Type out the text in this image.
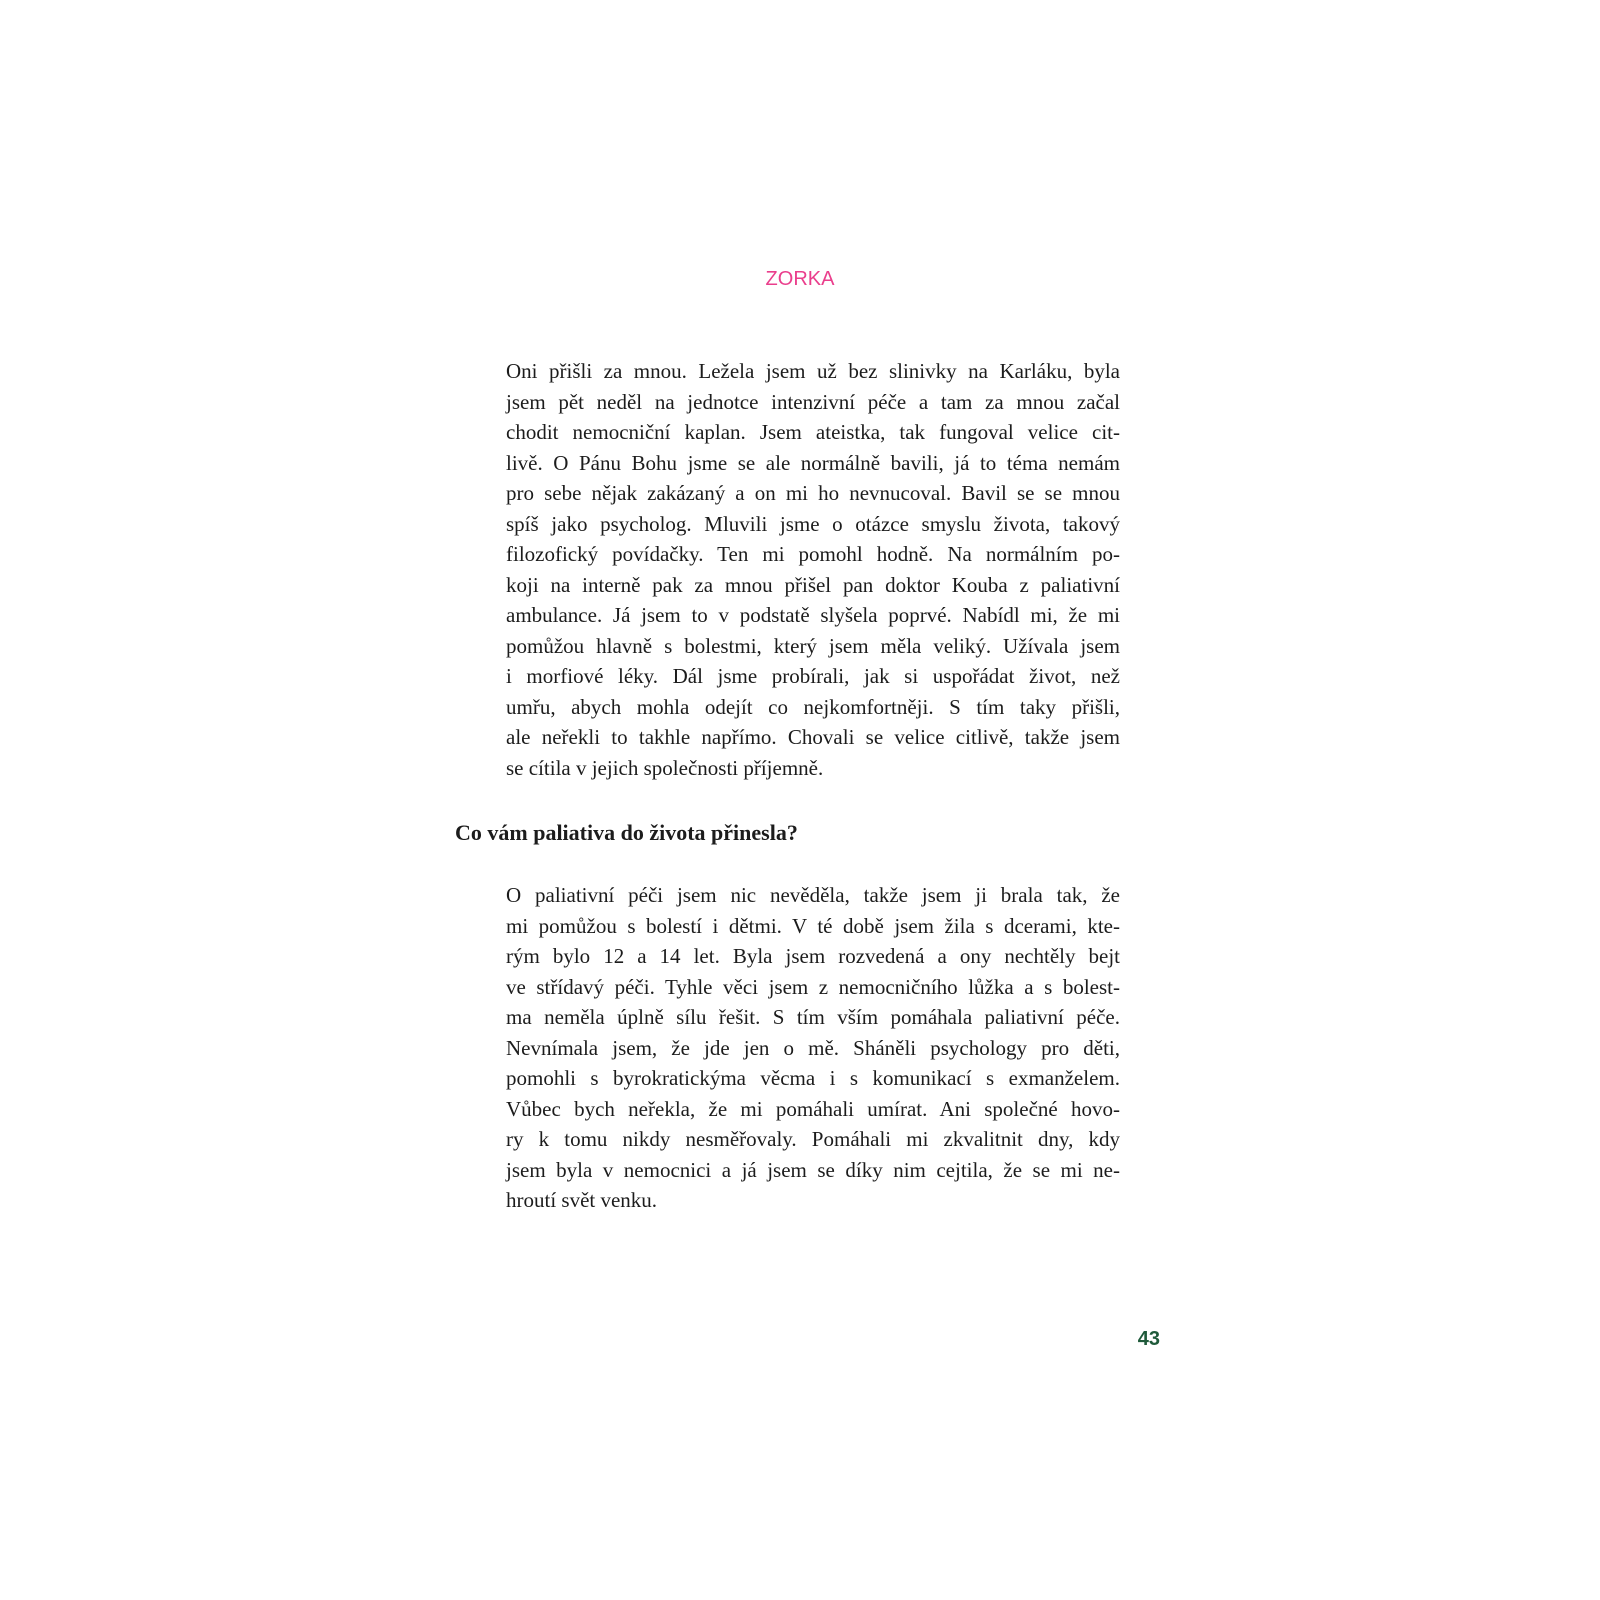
ZORKA
Oni přišli za mnou. Ležela jsem už bez slinivky na Karláku, byla
jsem pět neděl na jednotce intenzivní péče a tam za mnou začal
chodit nemocniční kaplan. Jsem ateistka, tak fungoval velice cit-
livě. O Pánu Bohu jsme se ale normálně bavili, já to téma nemám
pro sebe nějak zakázaný a on mi ho nevnucoval. Bavil se se mnou
spíš jako psycholog. Mluvili jsme o otázce smyslu života, takový
filozofický povídačky. Ten mi pomohl hodně. Na normálním po-
koji na interně pak za mnou přišel pan doktor Kouba z paliativní
ambulance. Já jsem to v podstatě slyšela poprvé. Nabídl mi, že mi
pomůžou hlavně s bolestmi, který jsem měla veliký. Užívala jsem
i morfiové léky. Dál jsme probírali, jak si uspořádat život, než
umřu, abych mohla odejít co nejkomfortněji. S tím taky přišli,
ale neřekli to takhle napřímo. Chovali se velice citlivě, takže jsem
se cítila v jejich společnosti příjemně.
Co vám paliativa do života přinesla?
O paliativní péči jsem nic nevěděla, takže jsem ji brala tak, že
mi pomůžou s bolestí i dětmi. V té době jsem žila s dcerami, kte-
rým bylo 12 a 14 let. Byla jsem rozvedená a ony nechtěly bejt
ve střídavý péči. Tyhle věci jsem z nemocničního lůžka a s bolest-
ma neměla úplně sílu řešit. S tím vším pomáhala paliativní péče.
Nevnímala jsem, že jde jen o mě. Sháněli psychology pro děti,
pomohli s byrokratickýma věcma i s komunikací s exmanželem.
Vůbec bych neřekla, že mi pomáhali umírat. Ani společné hovo-
ry k tomu nikdy nesměřovaly. Pomáhali mi zkvalitnit dny, kdy
jsem byla v nemocnici a já jsem se díky nim cejtila, že se mi ne-
hroutí svět venku.
43
